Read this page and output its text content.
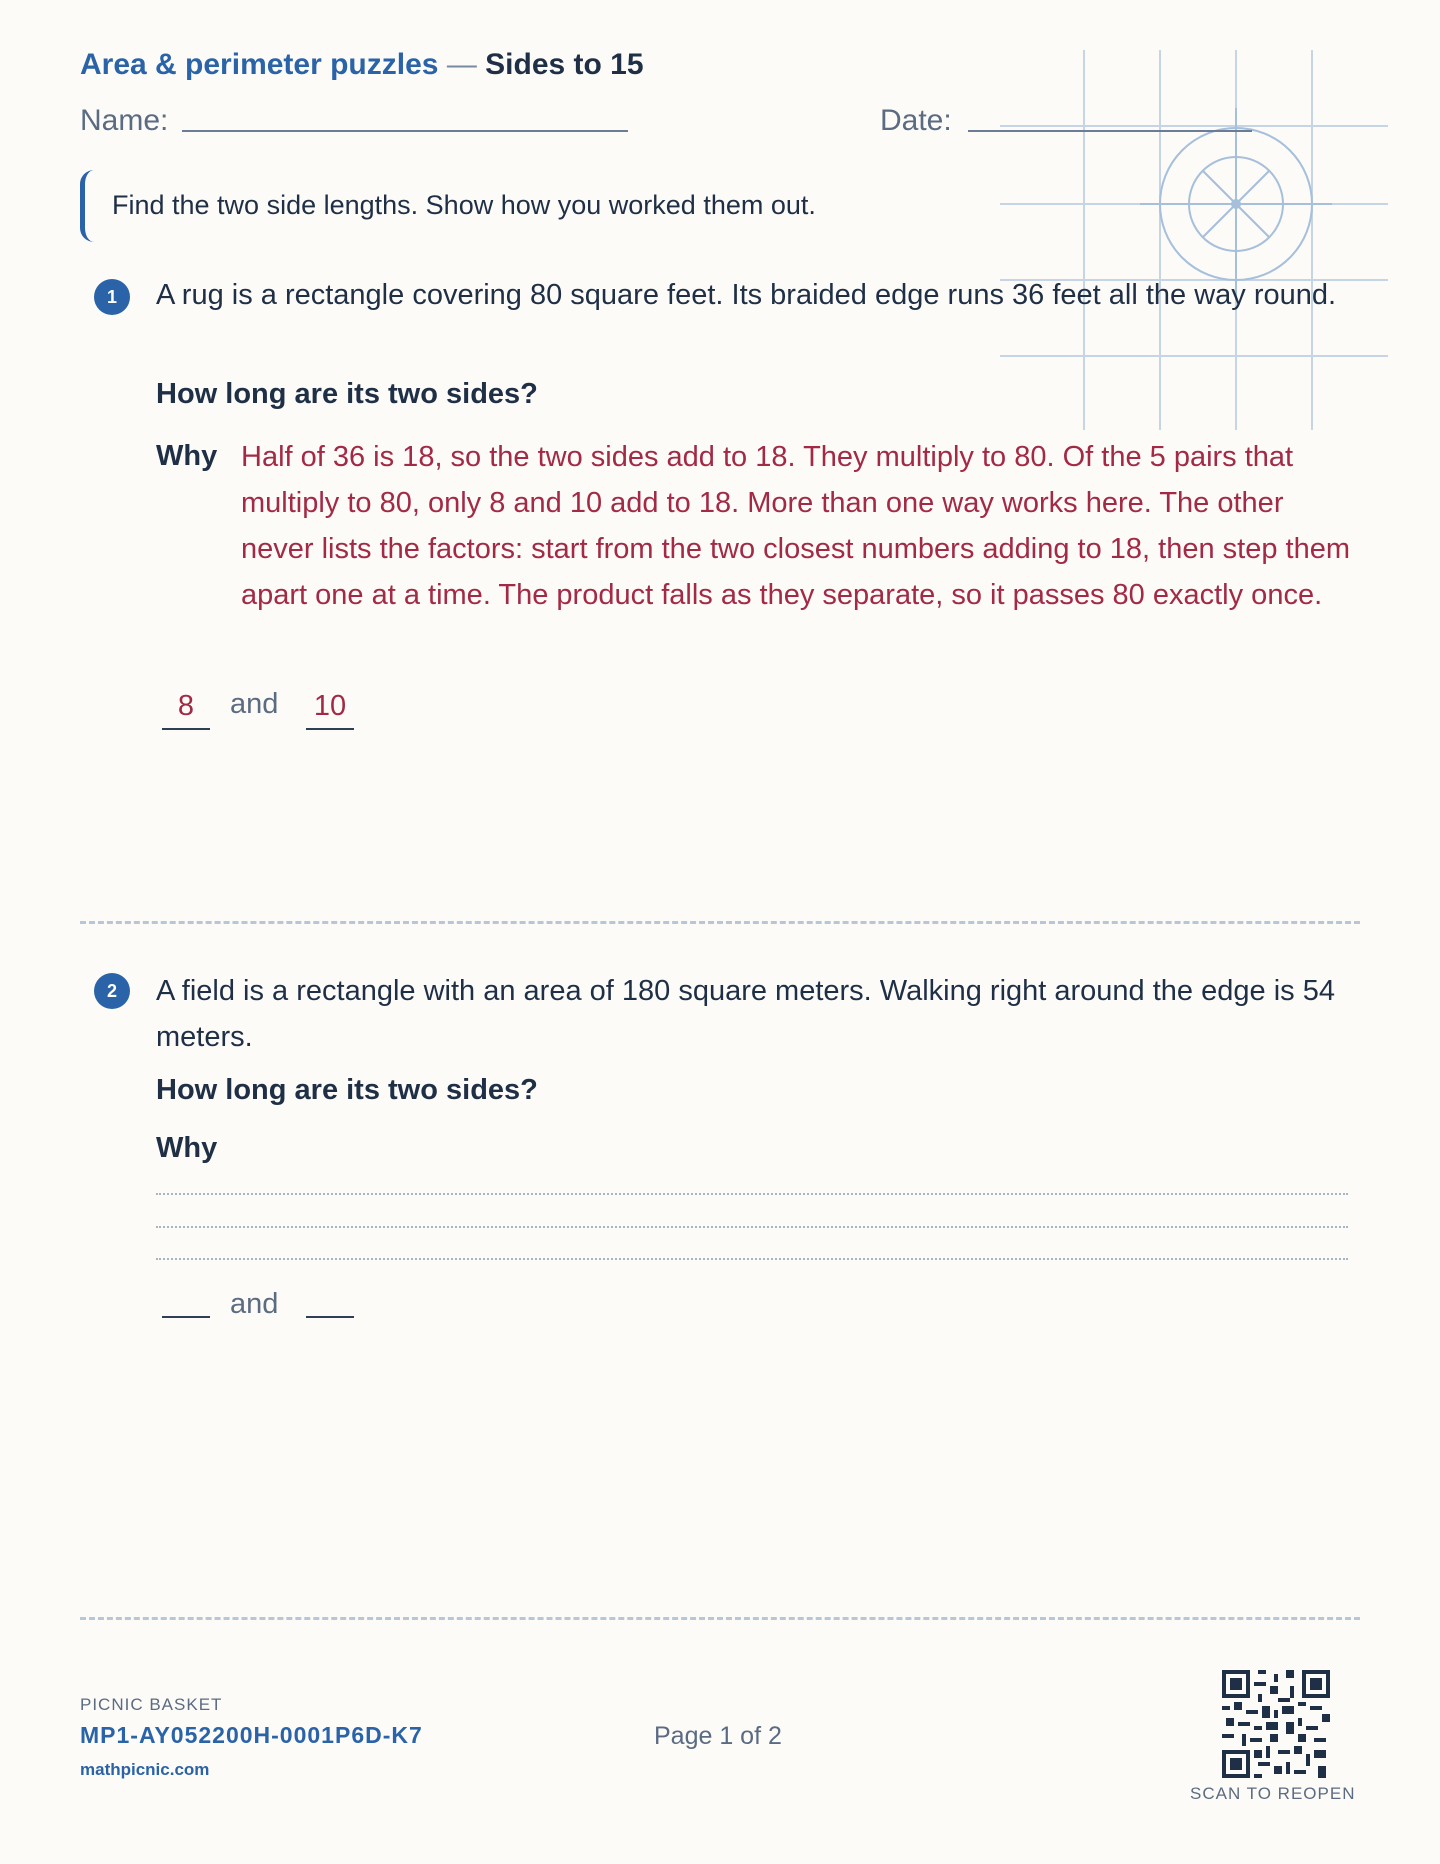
Area & perimeter puzzles — Sides to 15
Name:	Date:
Find the two side lengths. Show how you worked them out.
1	A rug is a rectangle covering 80 square feet. Its braided edge runs 36 feet all the way round.
How long are its two sides?
Why Half of 36 is 18, so the two sides add to 18. They multiply to 80. Of the 5 pairs that multiply to 80, only 8 and 10 add to 18. More than one way works here. The other never lists the factors: start from the two closest numbers adding to 18, then step them apart one at a time. The product falls as they separate, so it passes 80 exactly once.
8	and 10
2	A field is a rectangle with an area of 180 square meters. Walking right around the edge is 54 meters.
How long are its two sides?
Why
and
PICNIC BASKET
MP1-AY052200H-0001P6D-K7
mathpicnic.com
Page 1 of 2
SCAN TO REOPEN
